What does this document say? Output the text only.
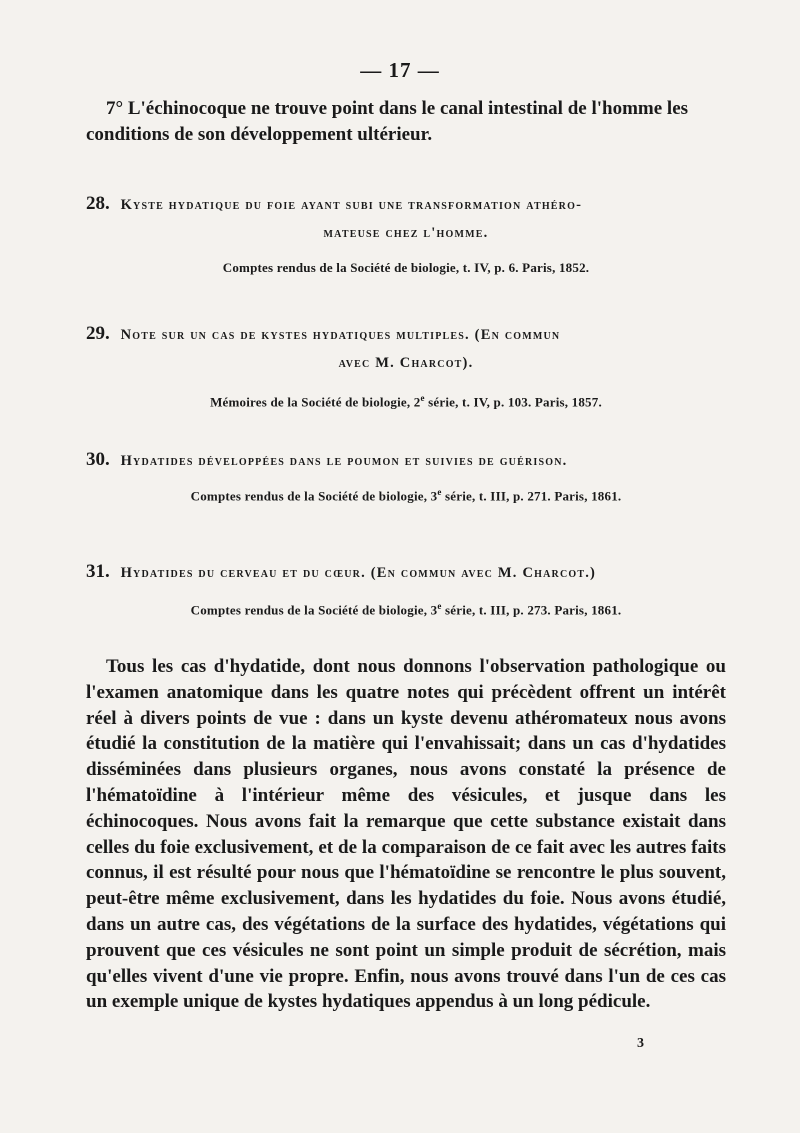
— 17 —

7° L'échinocoque ne trouve point dans le canal intestinal de l'homme les conditions de son développement ultérieur.

28. Kyste hydatique du foie ayant subi une transformation athéro-
mateuse chez l'homme.

Comptes rendus de la Société de biologie, t. IV, p. 6. Paris, 1852.

29. Note sur un cas de kystes hydatiques multiples. (En commun
avec M. Charcot).

Mémoires de la Société de biologie, 2e série, t. IV, p. 103. Paris, 1857.

30. Hydatides développées dans le poumon et suivies de guérison.

Comptes rendus de la Société de biologie, 3e série, t. III, p. 271. Paris, 1861.

31. Hydatides du cerveau et du cœur. (En commun avec M. Charcot.)

Comptes rendus de la Société de biologie, 3e série, t. III, p. 273. Paris, 1861.

Tous les cas d'hydatide, dont nous donnons l'observation pathologique ou l'examen anatomique dans les quatre notes qui précèdent offrent un intérêt réel à divers points de vue : dans un kyste devenu athéromateux nous avons étudié la constitution de la matière qui l'envahissait; dans un cas d'hydatides disséminées dans plusieurs organes, nous avons constaté la présence de l'hématoïdine à l'intérieur même des vésicules, et jusque dans les échinocoques. Nous avons fait la remarque que cette substance existait dans celles du foie exclusivement, et de la comparaison de ce fait avec les autres faits connus, il est résulté pour nous que l'hématoïdine se rencontre le plus souvent, peut-être même exclusivement, dans les hydatides du foie. Nous avons étudié, dans un autre cas, des végétations de la surface des hydatides, végétations qui prouvent que ces vésicules ne sont point un simple produit de sécrétion, mais qu'elles vivent d'une vie propre. Enfin, nous avons trouvé dans l'un de ces cas un exemple unique de kystes hydatiques appendus à un long pédicule.

3
